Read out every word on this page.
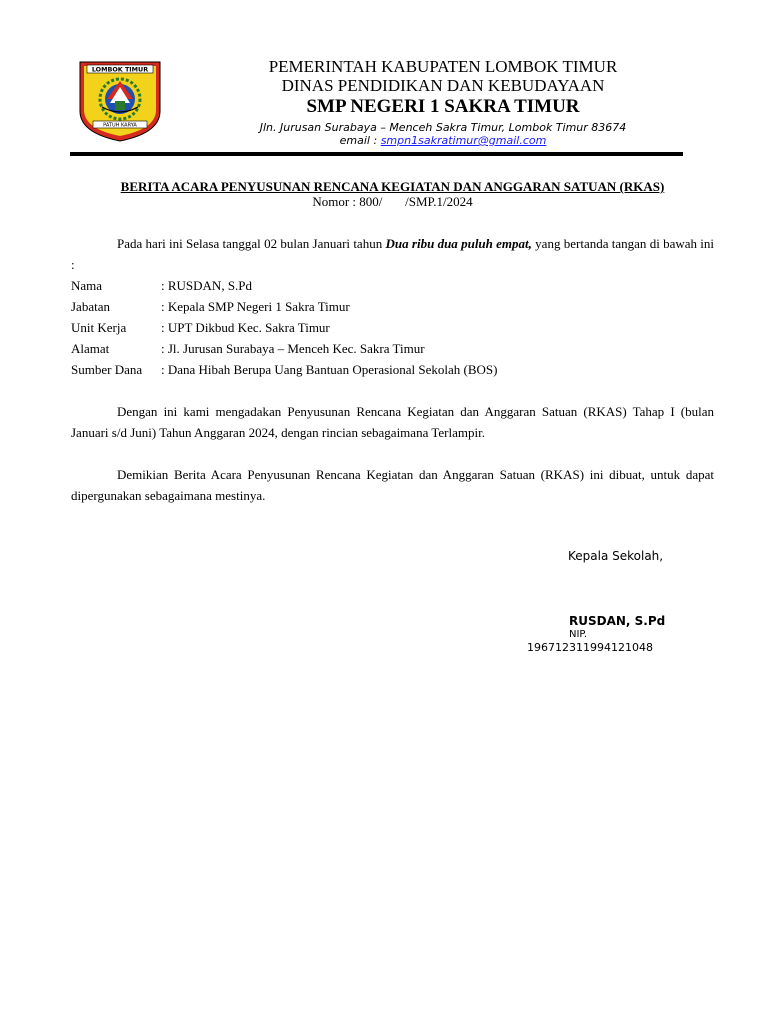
LOMBOK TIMUR
PATUH KARYA
PEMERINTAH KABUPATEN LOMBOK TIMUR
DINAS PENDIDIKAN DAN KEBUDAYAAN
SMP NEGERI 1 SAKRA TIMUR
Jln. Jurusan Surabaya – Menceh Sakra Timur, Lombok Timur 83674
email : smpn1sakratimur@gmail.com
BERITA ACARA PENYUSUNAN RENCANA KEGIATAN DAN ANGGARAN SATUAN (RKAS)
Nomor : 800/       /SMP.1/2024
Pada hari ini Selasa tanggal 02 bulan Januari tahun Dua ribu dua puluh empat, yang bertanda tangan di bawah ini :
Nama	: RUSDAN, S.Pd
Jabatan	: Kepala SMP Negeri 1 Sakra Timur
Unit Kerja	: UPT Dikbud Kec. Sakra Timur
Alamat	: Jl. Jurusan Surabaya – Menceh Kec. Sakra Timur
Sumber Dana : Dana Hibah Berupa Uang Bantuan Operasional Sekolah (BOS)
Dengan ini kami mengadakan Penyusunan Rencana Kegiatan dan Anggaran Satuan (RKAS) Tahap I (bulan Januari s/d Juni) Tahun Anggaran 2024, dengan rincian sebagaimana Terlampir.
Demikian Berita Acara Penyusunan Rencana Kegiatan dan Anggaran Satuan (RKAS) ini dibuat, untuk dapat dipergunakan sebagaimana mestinya.
Kepala Sekolah,
RUSDAN, S.Pd
NIP.
196712311994121048
